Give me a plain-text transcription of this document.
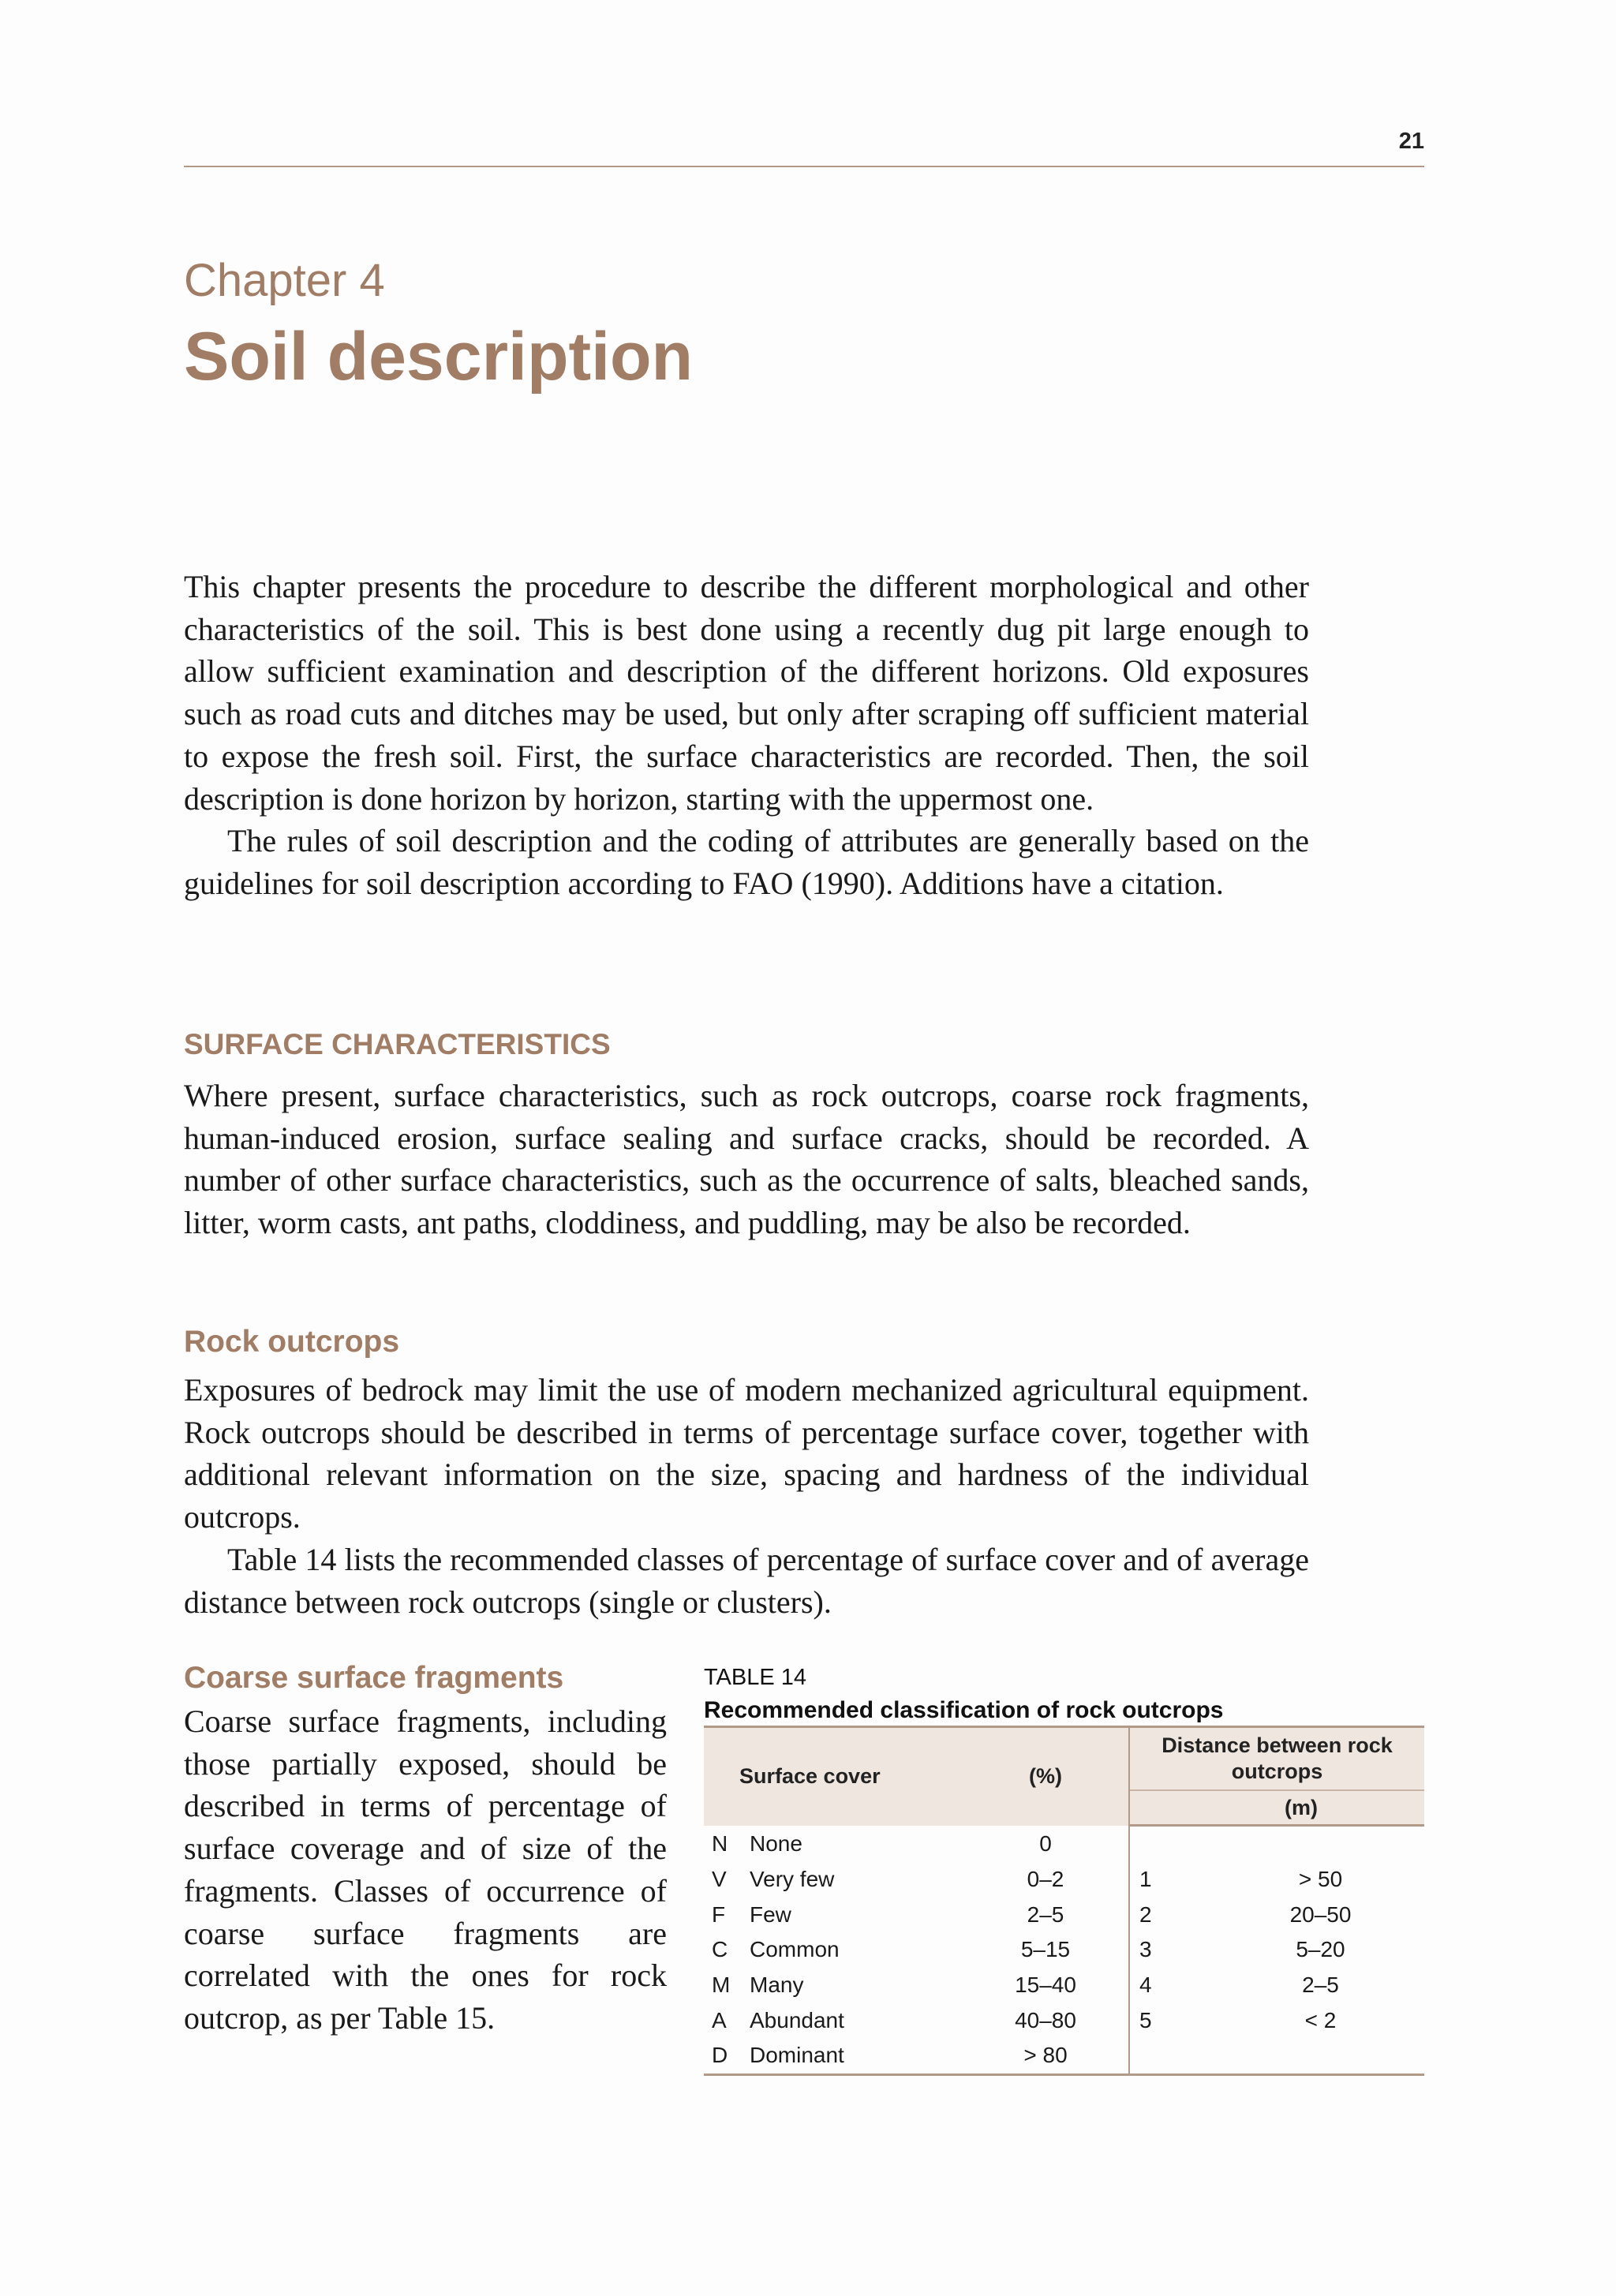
21
Chapter 4
Soil description

This chapter presents the procedure to describe the different morphological and other characteristics of the soil. This is best done using a recently dug pit large enough to allow sufficient examination and description of the different horizons. Old exposures such as road cuts and ditches may be used, but only after scraping off sufficient material to expose the fresh soil. First, the surface characteristics are recorded. Then, the soil description is done horizon by horizon, starting with the uppermost one.

The rules of soil description and the coding of attributes are generally based on the guidelines for soil description according to FAO (1990). Additions have a citation.

SURFACE CHARACTERISTICS

Where present, surface characteristics, such as rock outcrops, coarse rock fragments, human-induced erosion, surface sealing and surface cracks, should be recorded. A number of other surface characteristics, such as the occurrence of salts, bleached sands, litter, worm casts, ant paths, cloddiness, and puddling, may be also be recorded.

Rock outcrops

Exposures of bedrock may limit the use of modern mechanized agricultural equipment. Rock outcrops should be described in terms of percentage surface cover, together with additional relevant information on the size, spacing and hardness of the individual outcrops.

Table 14 lists the recommended classes of percentage of surface cover and of average distance between rock outcrops (single or clusters).

Coarse surface fragments

Coarse surface fragments, including those partially exposed, should be described in terms of percentage of surface coverage and of size of the fragments. Classes of occurrence of coarse surface fragments are correlated with the ones for rock outcrop, as per Table 15.

TABLE 14
Recommended classification of rock outcrops
Surface cover		(%)	Distance between rock outcrops	
			(m)	
N	None	0		
V	Very few	0–2	1	> 50
F	Few	2–5	2	20–50
C	Common	5–15	3	5–20
M	Many	15–40	4	2–5
A	Abundant	40–80	5	< 2
D	Dominant	> 80		
